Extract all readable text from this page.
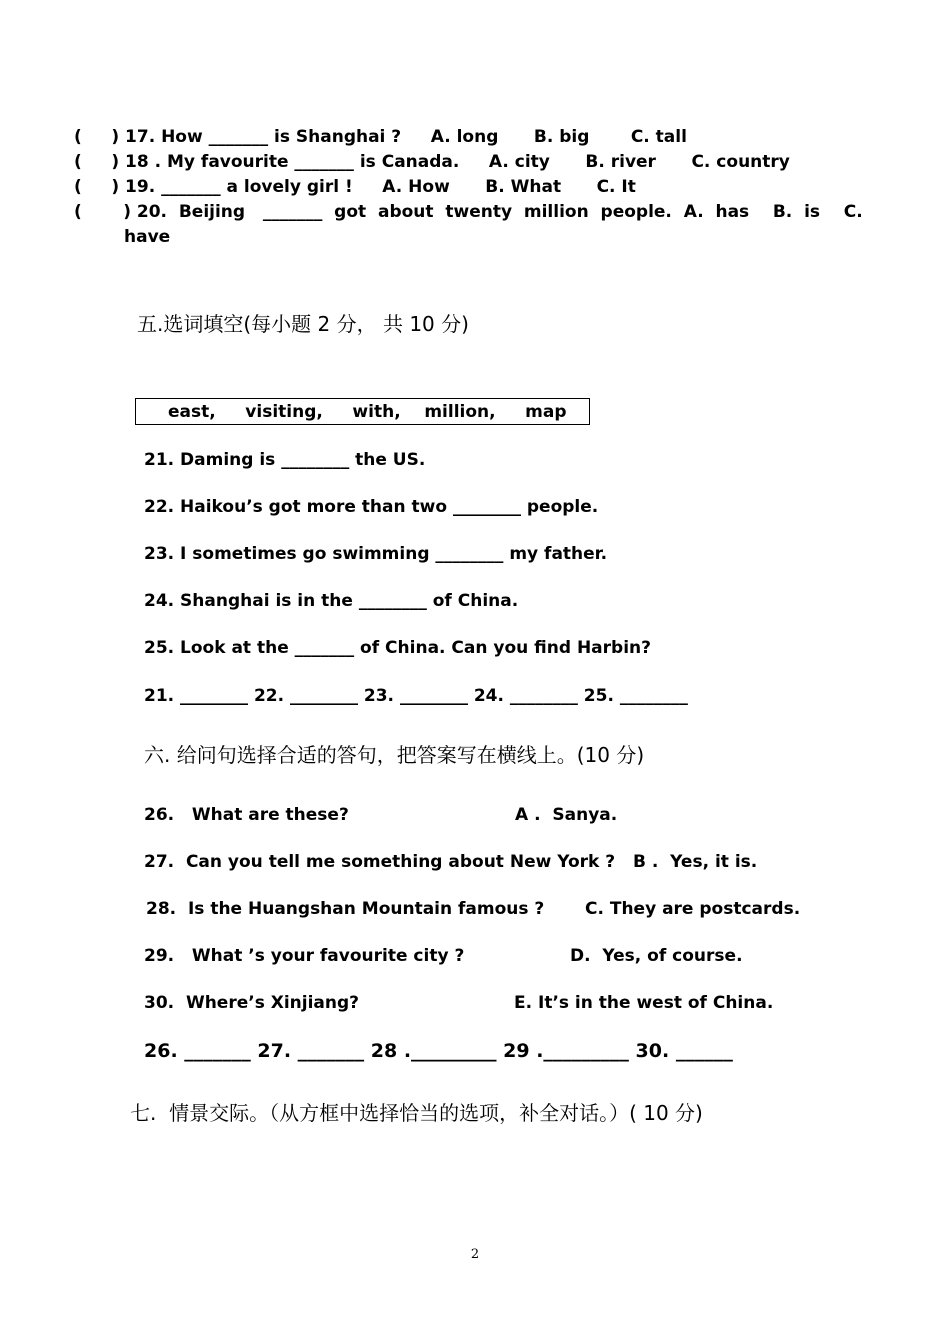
(     ) 17. How _______ is Shanghai ?     A. long      B. big       C. tall
(     ) 18 . My favourite _______ is Canada.     A. city      B. river      C. country
(     ) 19. _______ a lovely girl !     A. How      B. What      C. It
(       ) 20.  Beijing   _______  got  about  twenty  million  people.  A.  has    B.  is    C.
have
五.选词填空(每小题 2 分， 共 10 分)
east,     visiting,     with,    million,     map
21. Daming is ________ the US.
22. Haikou’s got more than two ________ people.
23. I sometimes go swimming ________ my father.
24. Shanghai is in the ________ of China.
25. Look at the _______ of China. Can you find Harbin?
21. ________ 22. ________ 23. ________ 24. ________ 25. ________
六. 给问句选择合适的答句，把答案写在横线上。(10 分)
26.   What are these?	A .  Sanya.
27.  Can you tell me something about New York ? B .  Yes, it is.
28.  Is the Huangshan Mountain famous ? C. They are postcards.
29.   What ’s your favourite city ?	D.  Yes, of course.
30.  Where’s Xinjiang?	E. It’s in the west of China.
26. _______ 27. _______ 28 ._________ 29 ._________ 30. ______
七.  情景交际。（从方框中选择恰当的选项，补全对话。）( 10 分)
2
